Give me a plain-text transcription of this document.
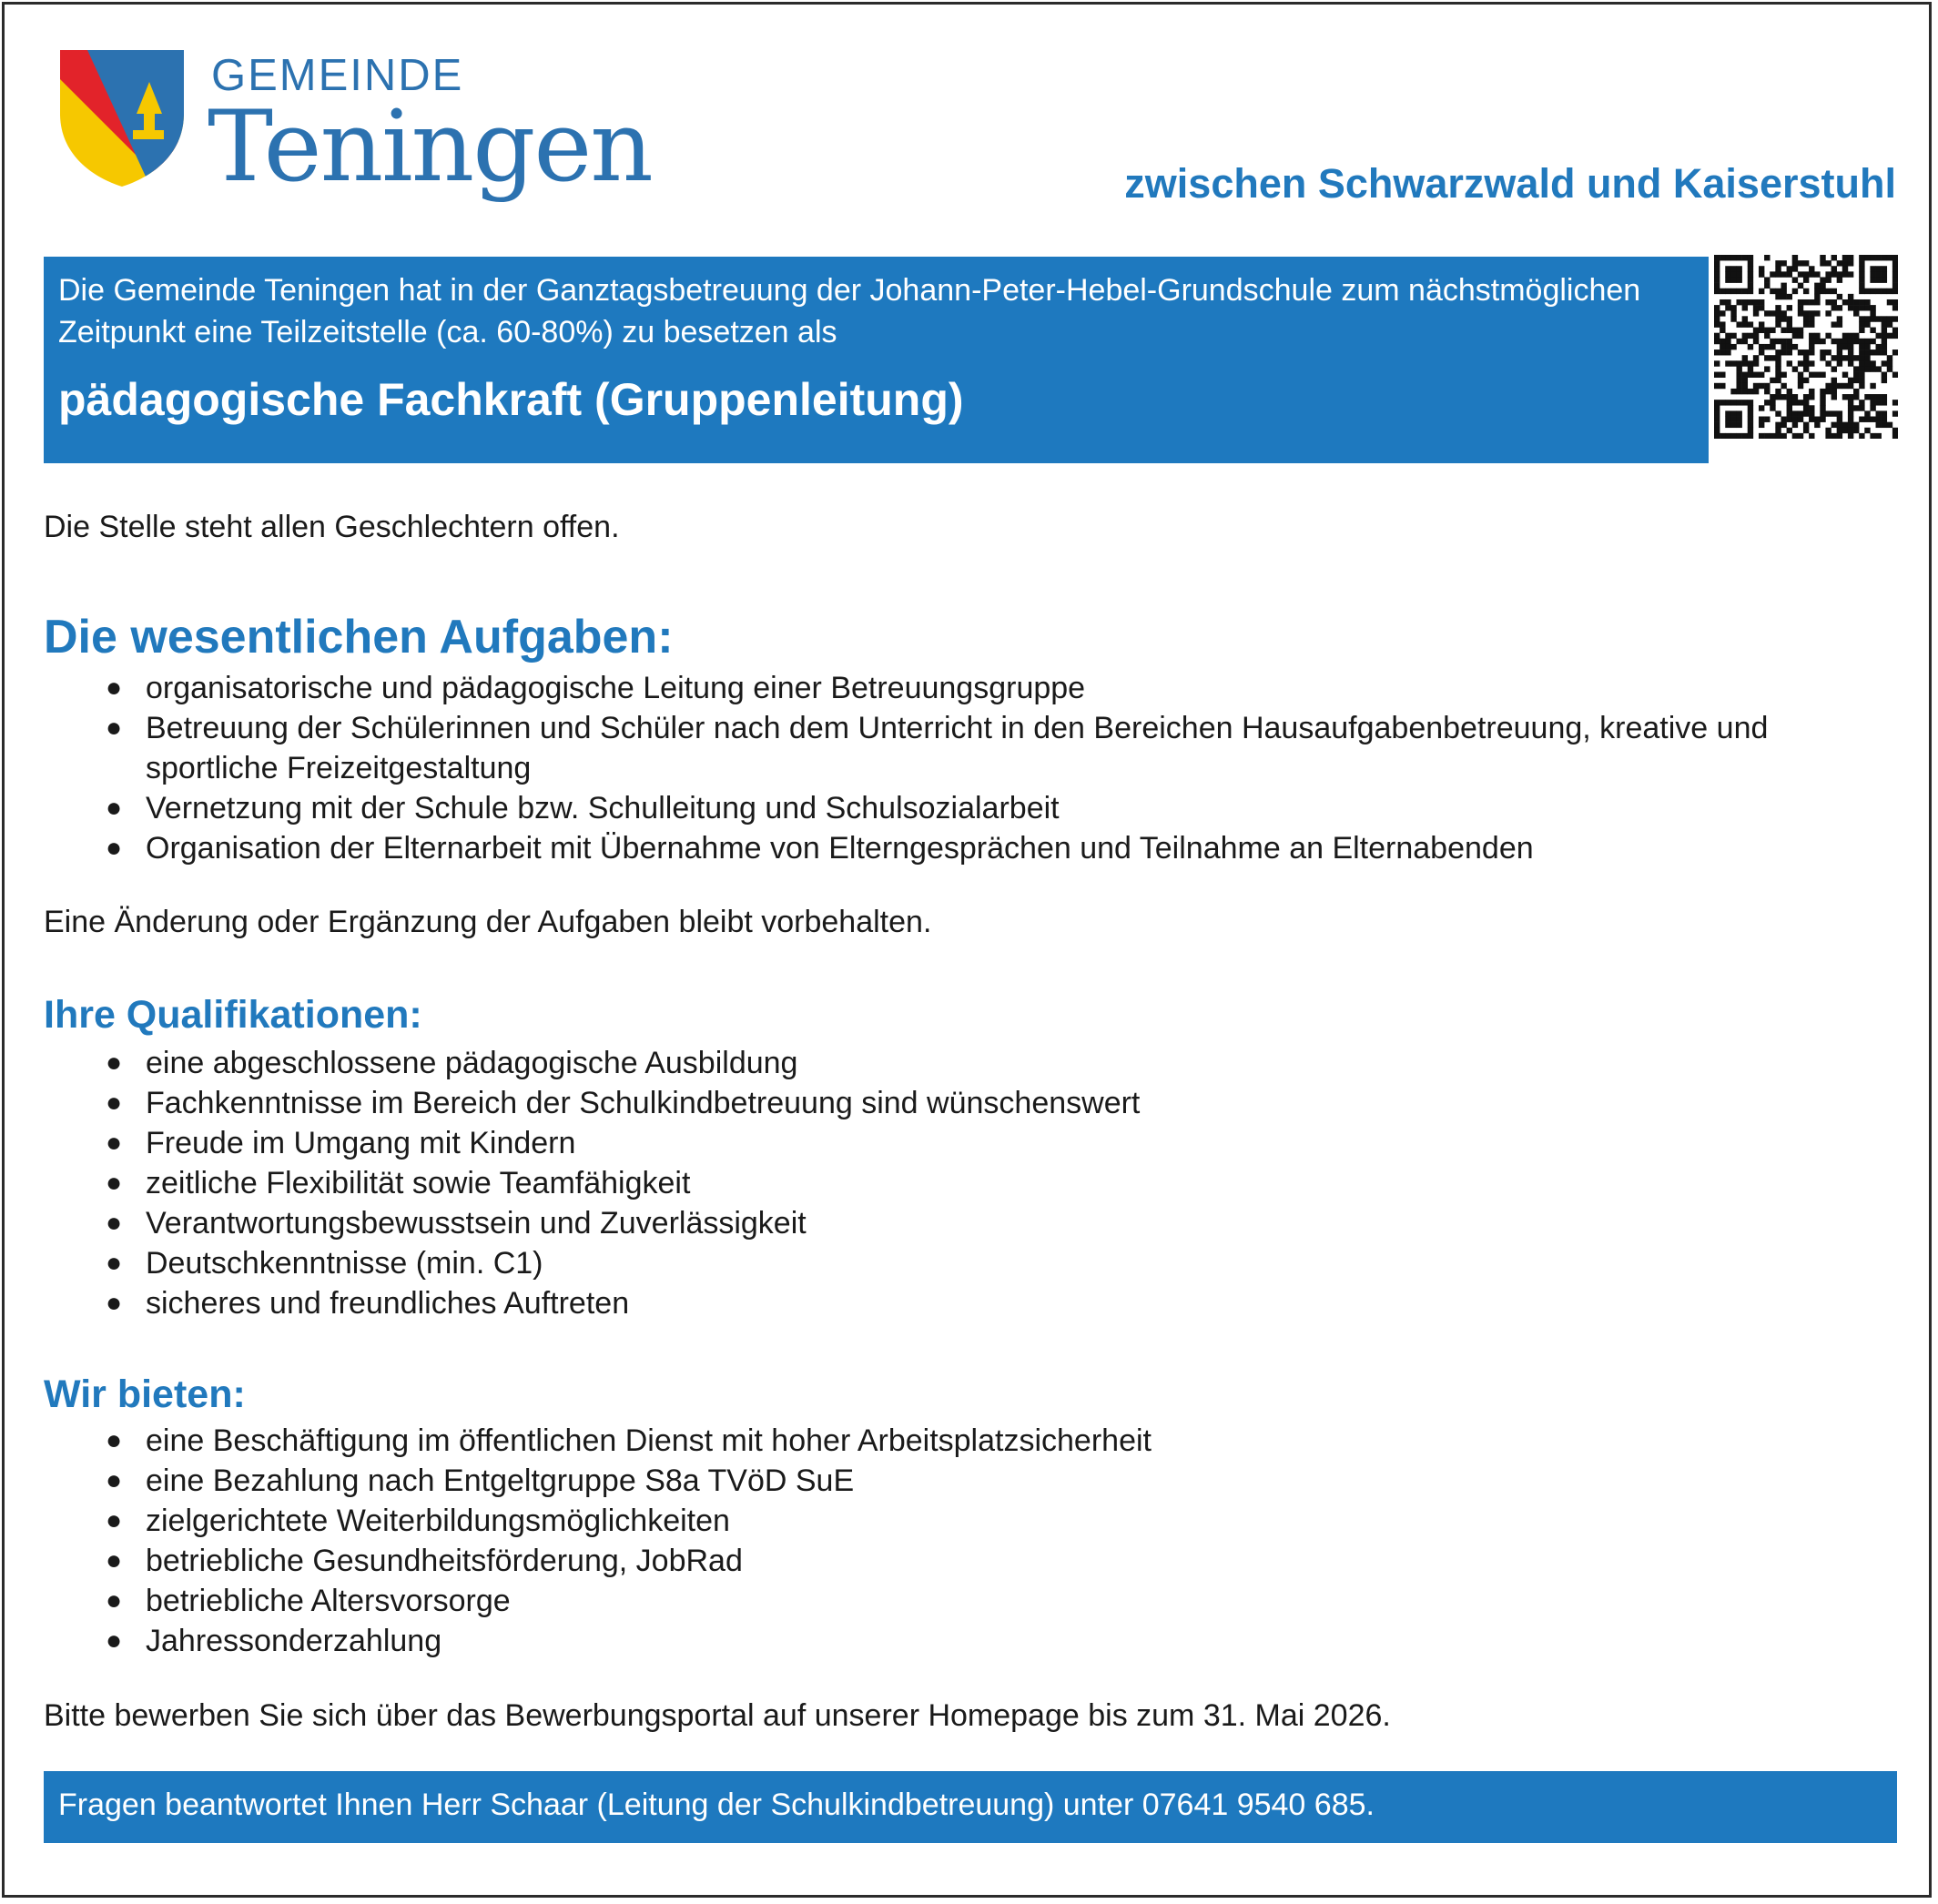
GEMEINDE
Teningen	zwischen Schwarzwald und Kaiserstuhl
Die Gemeinde Teningen hat in der Ganztagsbetreuung der Johann-Peter-Hebel-Grundschule zum nächstmöglichen Zeitpunkt eine Teilzeitstelle (ca. 60-80%) zu besetzen als
pädagogische Fachkraft (Gruppenleitung)
Die Stelle steht allen Geschlechtern offen.
Die wesentlichen Aufgaben:
● organisatorische und pädagogische Leitung einer Betreuungsgruppe
● Betreuung der Schülerinnen und Schüler nach dem Unterricht in den Bereichen Hausaufgabenbetreuung, kreative und sportliche Freizeitgestaltung
● Vernetzung mit der Schule bzw. Schulleitung und Schulsozialarbeit
● Organisation der Elternarbeit mit Übernahme von Elterngesprächen und Teilnahme an Elternabenden
Eine Änderung oder Ergänzung der Aufgaben bleibt vorbehalten.
Ihre Qualifikationen:
● eine abgeschlossene pädagogische Ausbildung
● Fachkenntnisse im Bereich der Schulkindbetreuung sind wünschenswert
● Freude im Umgang mit Kindern
● zeitliche Flexibilität sowie Teamfähigkeit
● Verantwortungsbewusstsein und Zuverlässigkeit
● Deutschkenntnisse (min. C1)
● sicheres und freundliches Auftreten
Wir bieten:
● eine Beschäftigung im öffentlichen Dienst mit hoher Arbeitsplatzsicherheit
● eine Bezahlung nach Entgeltgruppe S8a TVöD SuE
● zielgerichtete Weiterbildungsmöglichkeiten
● betriebliche Gesundheitsförderung, JobRad
● betriebliche Altersvorsorge
● Jahressonderzahlung
Bitte bewerben Sie sich über das Bewerbungsportal auf unserer Homepage bis zum 31. Mai 2026.
Fragen beantwortet Ihnen Herr Schaar (Leitung der Schulkindbetreuung) unter 07641 9540 685.
